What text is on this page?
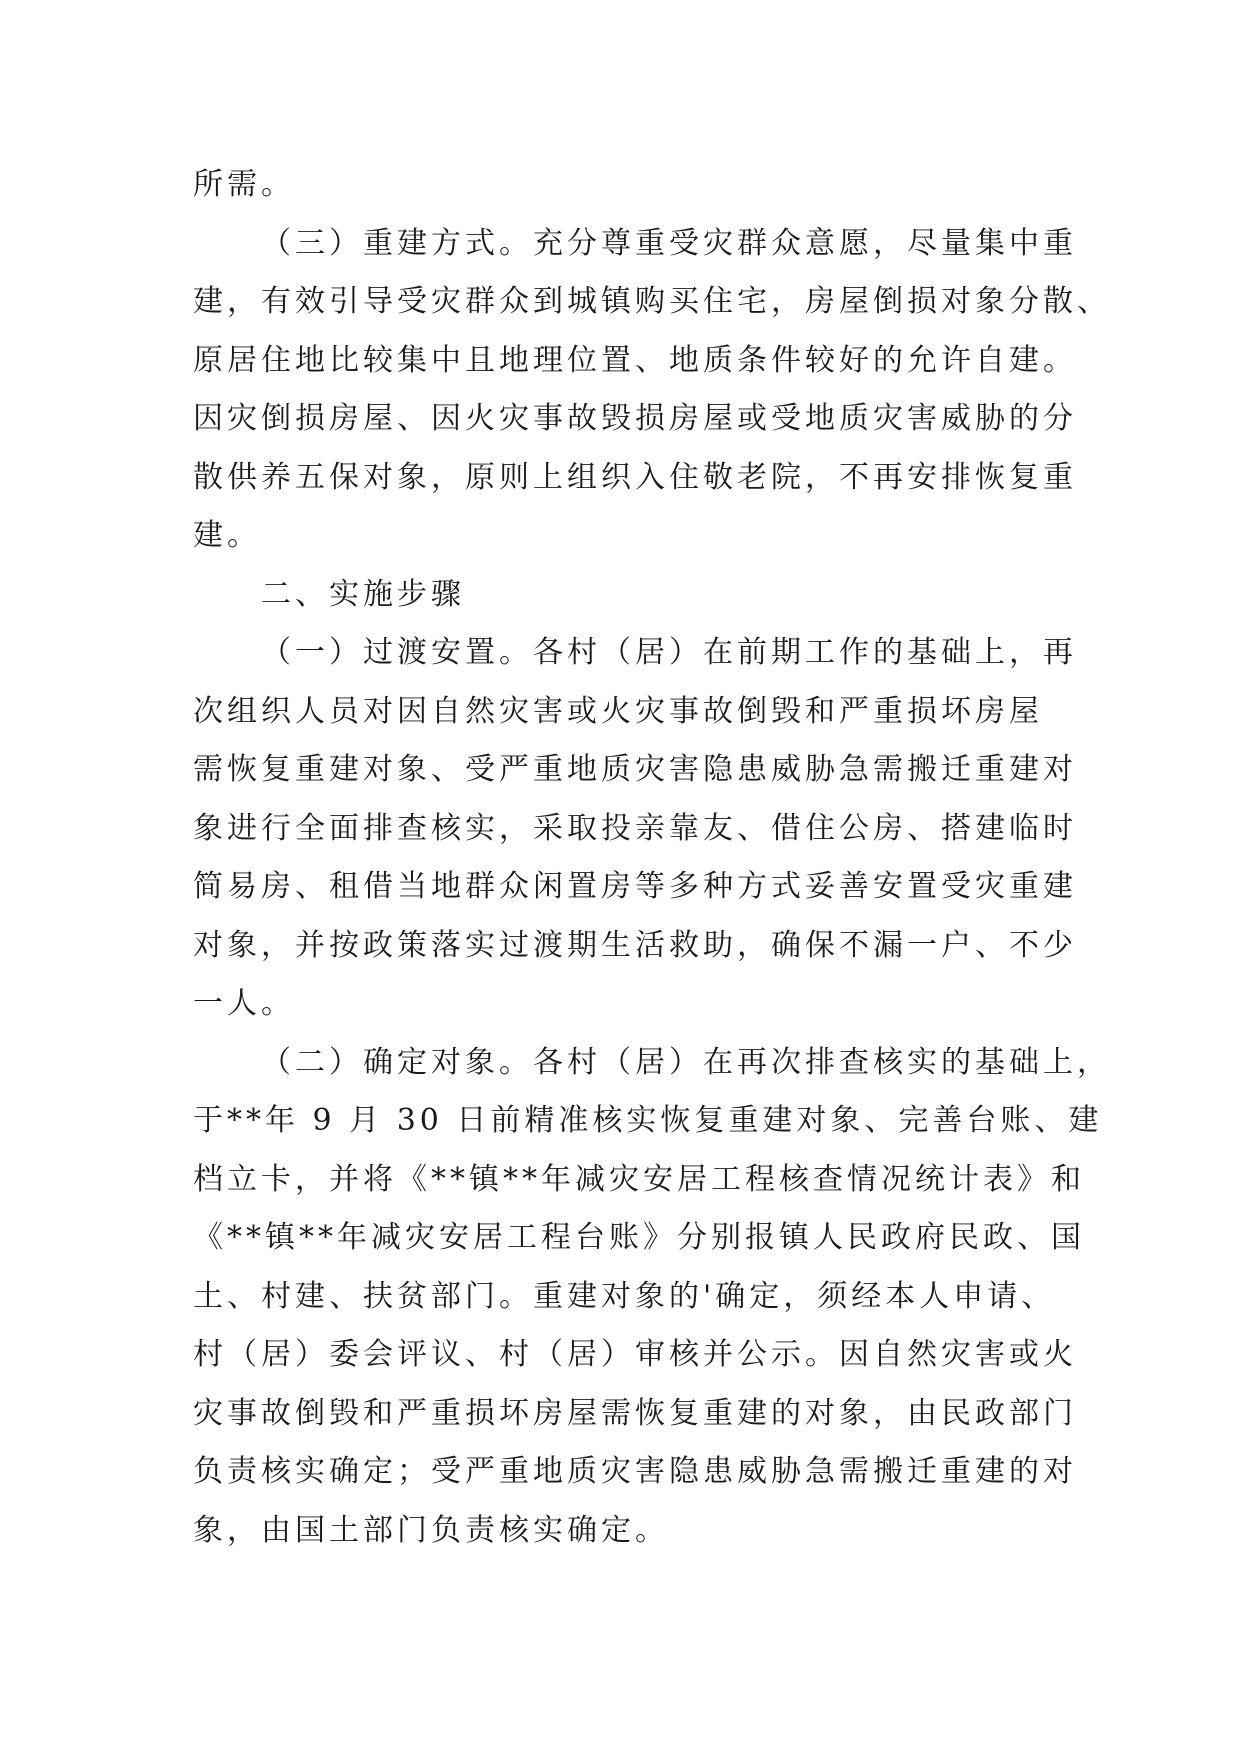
所需。

（三）重建方式。充分尊重受灾群众意愿，尽量集中重
建，有效引导受灾群众到城镇购买住宅，房屋倒损对象分散、
原居住地比较集中且地理位置、地质条件较好的允许自建。
因灾倒损房屋、因火灾事故毁损房屋或受地质灾害威胁的分
散供养五保对象，原则上组织入住敬老院，不再安排恢复重
建。

二、实施步骤

（一）过渡安置。各村（居）在前期工作的基础上，再
次组织人员对因自然灾害或火灾事故倒毁和严重损坏房屋
需恢复重建对象、受严重地质灾害隐患威胁急需搬迁重建对
象进行全面排查核实，采取投亲靠友、借住公房、搭建临时
简易房、租借当地群众闲置房等多种方式妥善安置受灾重建
对象，并按政策落实过渡期生活救助，确保不漏一户、不少
一人。

（二）确定对象。各村（居）在再次排查核实的基础上，
于**年 9 月 30 日前精准核实恢复重建对象、完善台账、建
档立卡，并将《**镇**年减灾安居工程核查情况统计表》和
《**镇**年减灾安居工程台账》分别报镇人民政府民政、国
土、村建、扶贫部门。重建对象的'确定，须经本人申请、
村（居）委会评议、村（居）审核并公示。因自然灾害或火
灾事故倒毁和严重损坏房屋需恢复重建的对象，由民政部门
负责核实确定；受严重地质灾害隐患威胁急需搬迁重建的对
象，由国土部门负责核实确定。
